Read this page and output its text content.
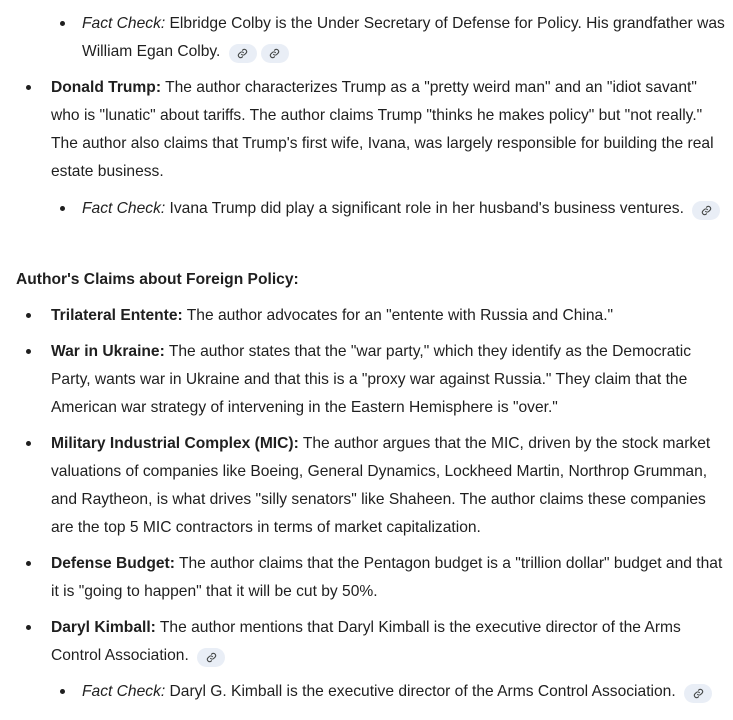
Fact Check: Elbridge Colby is the Under Secretary of Defense for Policy. His grandfather was William Egan Colby.

Donald Trump: The author characterizes Trump as a "pretty weird man" and an "idiot savant" who is "lunatic" about tariffs. The author claims Trump "thinks he makes policy" but "not really." The author also claims that Trump's first wife, Ivana, was largely responsible for building the real estate business.

Fact Check: Ivana Trump did play a significant role in her husband's business ventures.

Author's Claims about Foreign Policy:

Trilateral Entente: The author advocates for an "entente with Russia and China."

War in Ukraine: The author states that the "war party," which they identify as the Democratic Party, wants war in Ukraine and that this is a "proxy war against Russia." They claim that the American war strategy of intervening in the Eastern Hemisphere is "over."

Military Industrial Complex (MIC): The author argues that the MIC, driven by the stock market valuations of companies like Boeing, General Dynamics, Lockheed Martin, Northrop Grumman, and Raytheon, is what drives "silly senators" like Shaheen. The author claims these companies are the top 5 MIC contractors in terms of market capitalization.

Defense Budget: The author claims that the Pentagon budget is a "trillion dollar" budget and that it is "going to happen" that it will be cut by 50%.

Daryl Kimball: The author mentions that Daryl Kimball is the executive director of the Arms Control Association.

Fact Check: Daryl G. Kimball is the executive director of the Arms Control Association.
